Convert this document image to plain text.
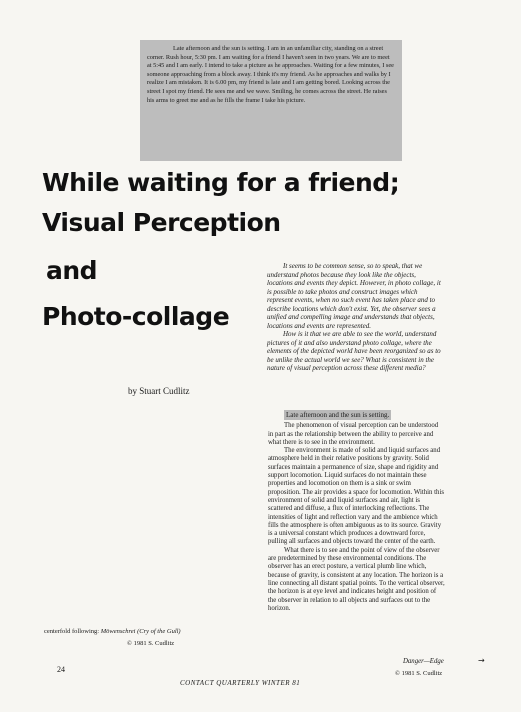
Late afternoon and the sun is setting. I am in an unfamiliar city, standing on a street corner. Rush hour, 5:30 pm. I am waiting for a friend I haven't seen in two years. We are to meet at 5:45 and I am early. I intend to take a picture as he approaches. Waiting for a few minutes, I see someone approaching from a block away. I think it's my friend. As he approaches and walks by I realize I am mistaken. It is 6.00 pm, my friend is late and I am getting bored. Looking across the street I spot my friend. He sees me and we wave. Smiling, he comes across the street. He raises his arms to greet me and as he fills the frame I take his picture.

While waiting for a friend;
Visual Perception
and
Photo-collage
by Stuart Cudlitz

It seems to be common sense, so to speak, that we understand photos because they look like the objects, locations and events they depict. However, in photo collage, it is possible to take photos and construct images which represent events, when no such event has taken place and to describe locations which don't exist. Yet, the observer sees a unified and compelling image and understands that objects, locations and events are represented.

How is it that we are able to see the world, understand pictures of it and also understand photo collage, where the elements of the depicted world have been reorganized so as to be unlike the actual world we see? What is consistent in the nature of visual perception across these different media?

Late afternoon and the sun is setting.

The phenomenon of visual perception can be understood in part as the relationship between the ability to perceive and what there is to see in the environment.

The environment is made of solid and liquid surfaces and atmosphere held in their relative positions by gravity. Solid surfaces maintain a permanence of size, shape and rigidity and support locomotion. Liquid surfaces do not maintain these properties and locomotion on them is a sink or swim proposition. The air provides a space for locomotion. Within this environment of solid and liquid surfaces and air, light is scattered and diffuse, a flux of interlocking reflections. The intensities of light and reflection vary and the ambience which fills the atmosphere is often ambiguous as to its source. Gravity is a universal constant which produces a downward force, pulling all surfaces and objects toward the center of the earth.

What there is to see and the point of view of the observer are predetermined by these environmental conditions. The observer has an erect posture, a vertical plumb line which, because of gravity, is consistent at any location. The horizon is a line connecting all distant spatial points. To the vertical observer, the horizon is at eye level and indicates height and position of the observer in relation to all objects and surfaces out to the horizon.

centerfold following: Möwenschrei (Cry of the Gull)
© 1981 S. Cudlitz
24
CONTACT QUARTERLY WINTER 81
Danger—Edge	→
© 1981 S. Cudlitz
